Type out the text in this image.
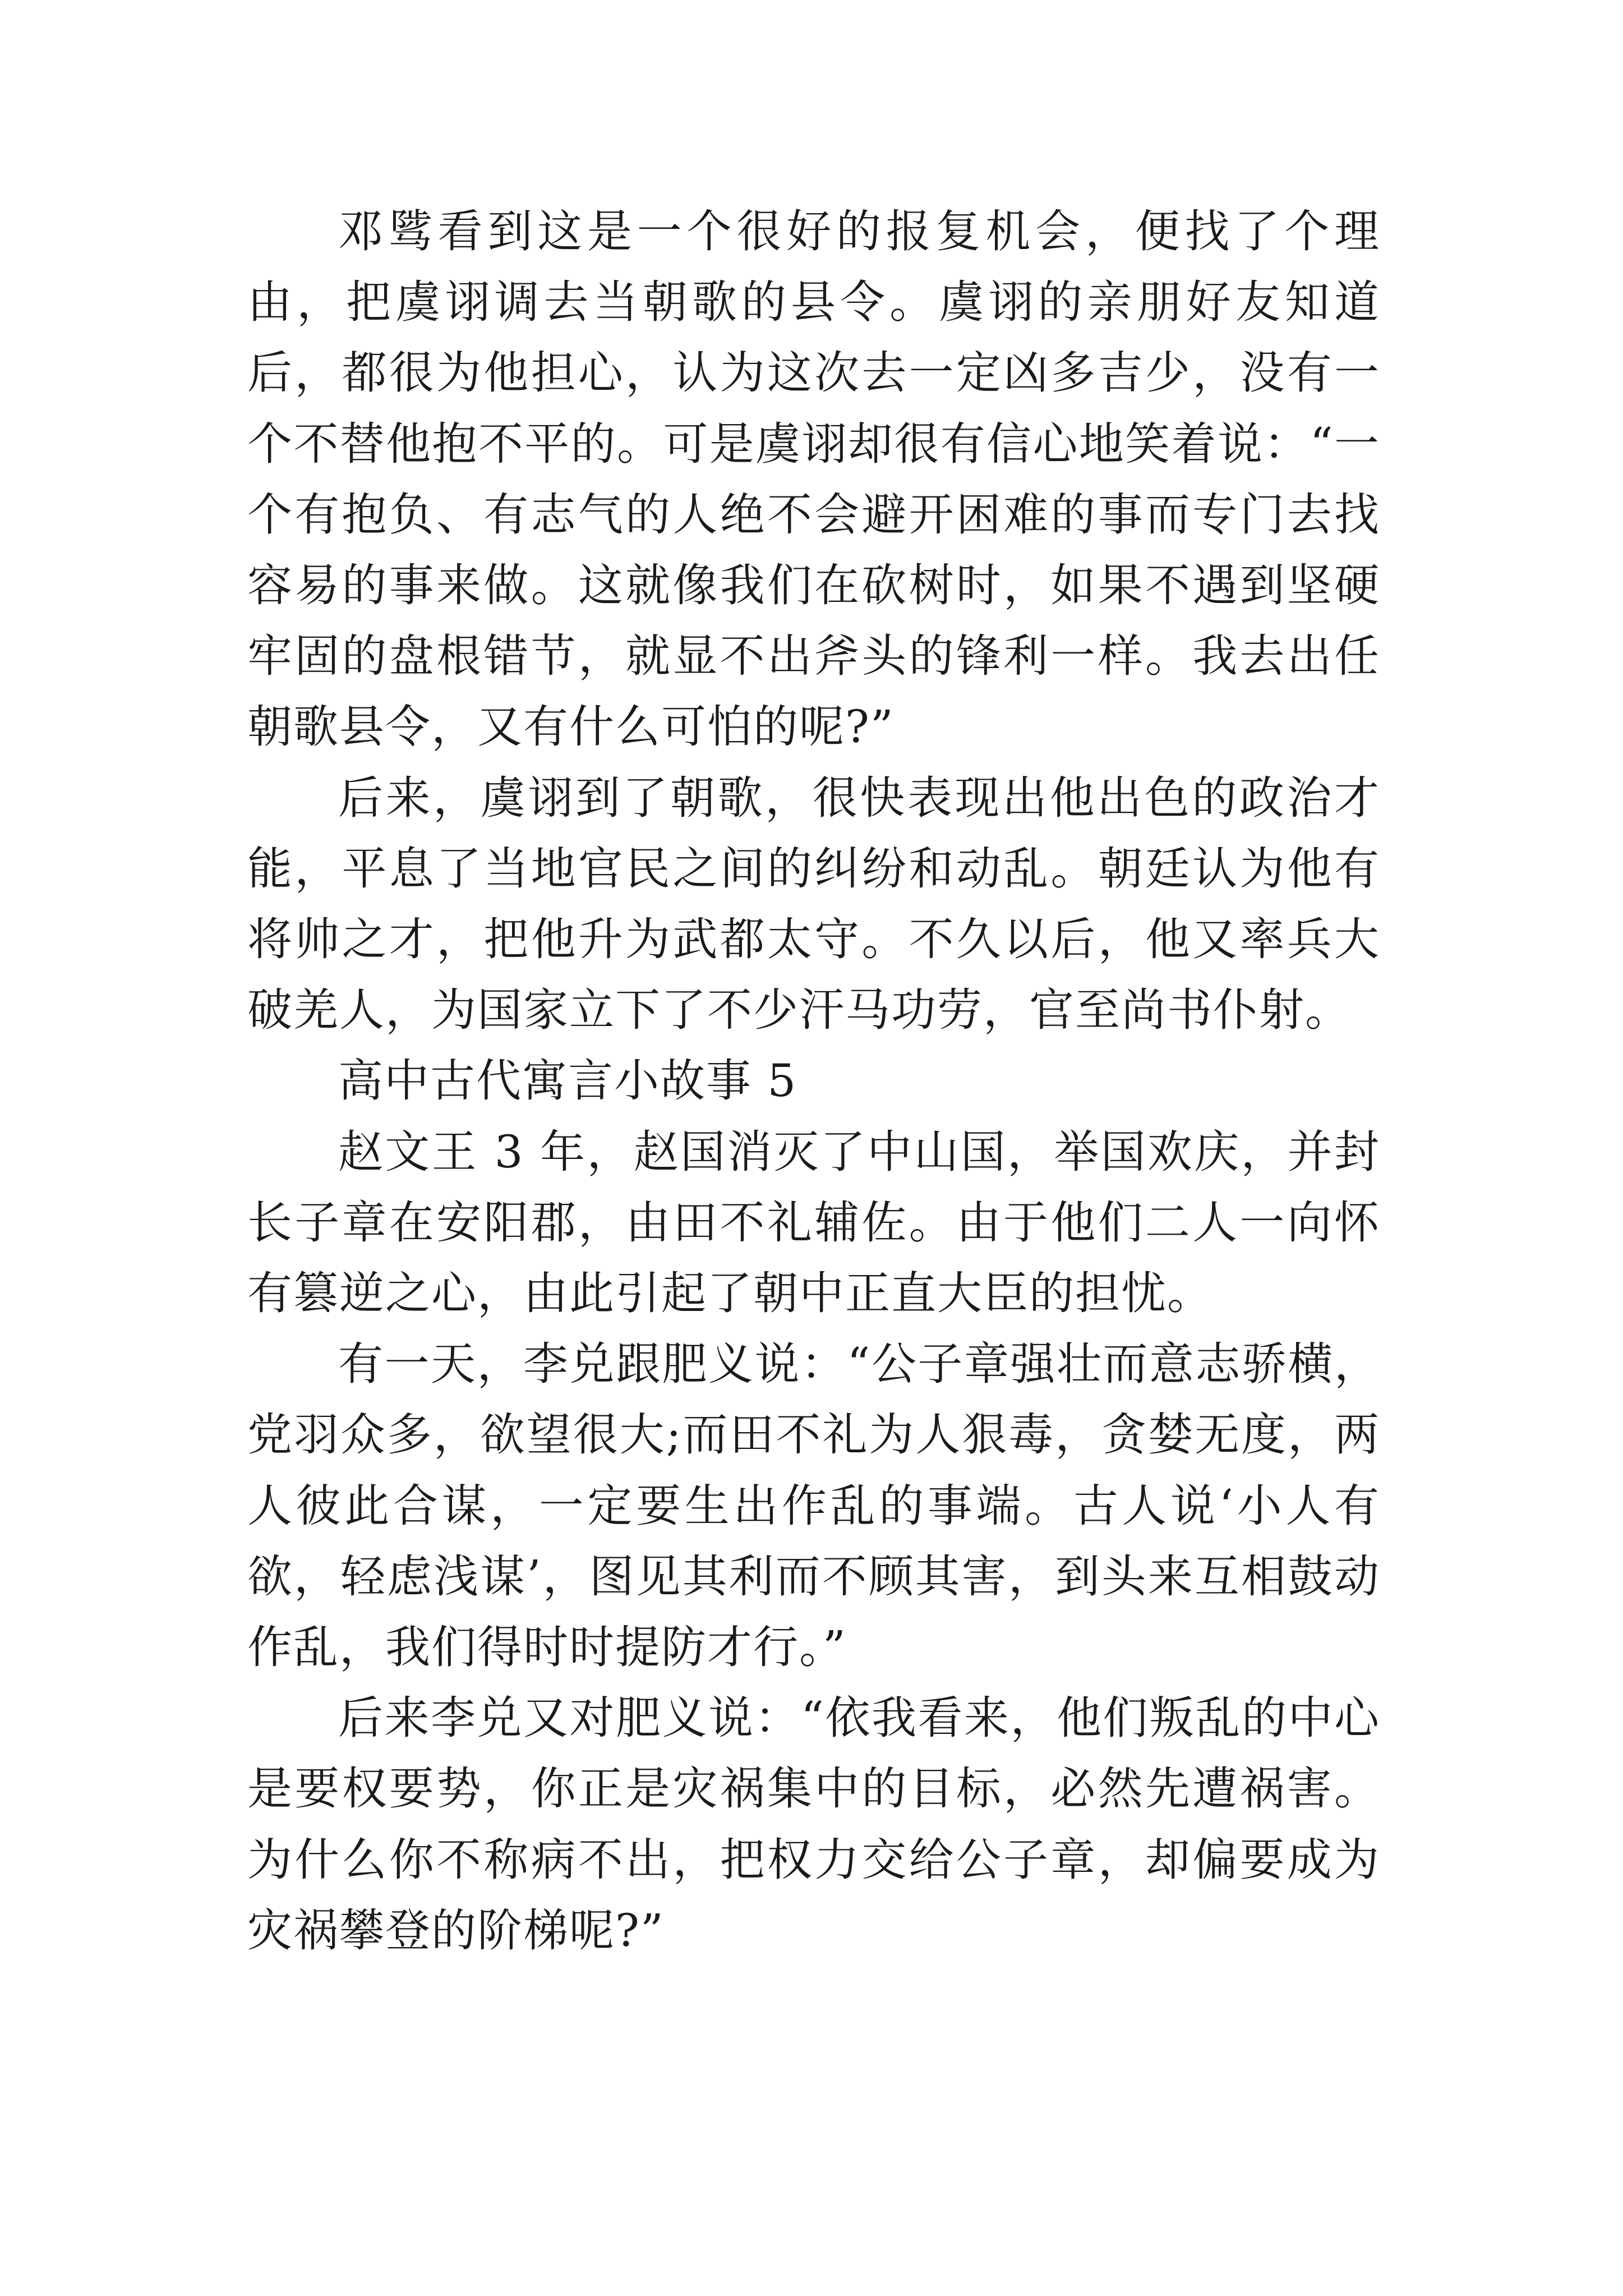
邓骘看到这是一个很好的报复机会，便找了个理由，把虞诩调去当朝歌的县令。虞诩的亲朋好友知道后，都很为他担心，认为这次去一定凶多吉少，没有一个不替他抱不平的。可是虞诩却很有信心地笑着说：“一个有抱负、有志气的人绝不会避开困难的事而专门去找容易的事来做。这就像我们在砍树时，如果不遇到坚硬牢固的盘根错节，就显不出斧头的锋利一样。我去出任朝歌县令，又有什么可怕的呢?”

后来，虞诩到了朝歌，很快表现出他出色的政治才能，平息了当地官民之间的纠纷和动乱。朝廷认为他有将帅之才，把他升为武都太守。不久以后，他又率兵大破羌人，为国家立下了不少汗马功劳，官至尚书仆射。

高中古代寓言小故事 5

赵文王 3 年，赵国消灭了中山国，举国欢庆，并封长子章在安阳郡，由田不礼辅佐。由于他们二人一向怀有篡逆之心，由此引起了朝中正直大臣的担忧。

有一天，李兑跟肥义说：“公子章强壮而意志骄横，党羽众多，欲望很大;而田不礼为人狠毒，贪婪无度，两人彼此合谋，一定要生出作乱的事端。古人说‘小人有欲，轻虑浅谋’，图见其利而不顾其害，到头来互相鼓动作乱，我们得时时提防才行。”

后来李兑又对肥义说：“依我看来，他们叛乱的中心是要权要势，你正是灾祸集中的目标，必然先遭祸害。为什么你不称病不出，把权力交给公子章，却偏要成为灾祸攀登的阶梯呢?”
